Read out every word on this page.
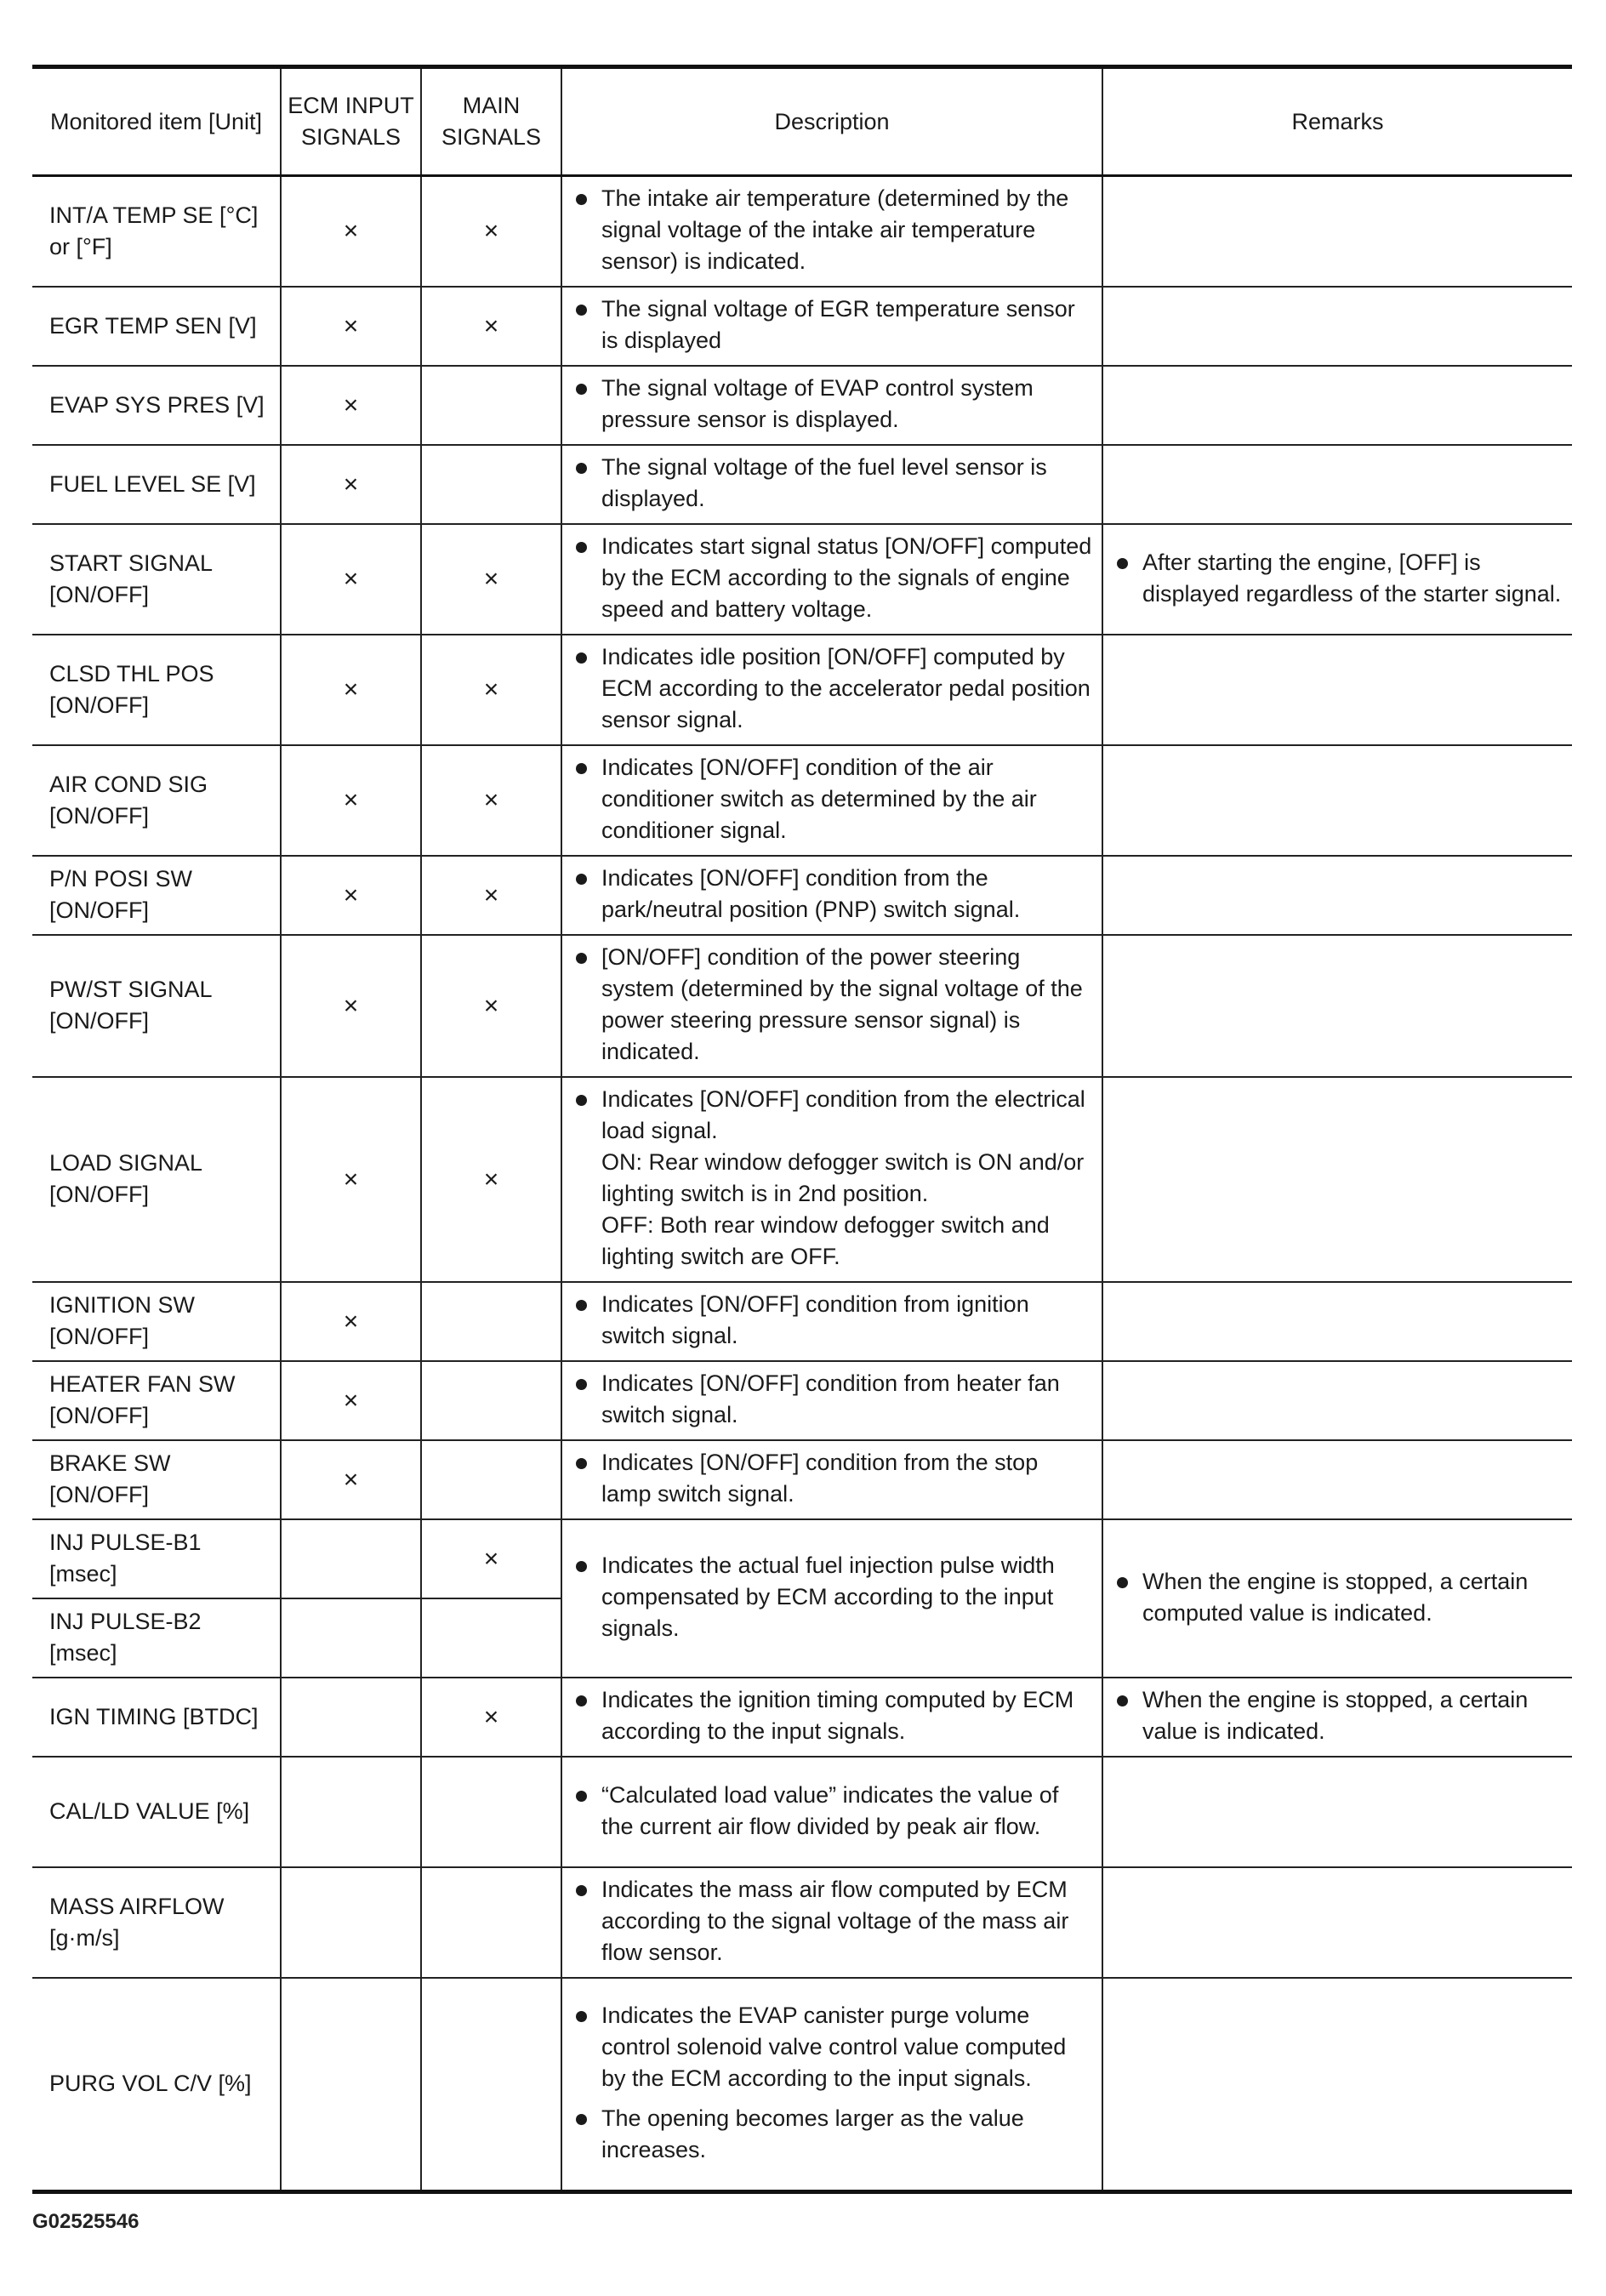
Monitored item [Unit]	ECM INPUT SIGNALS	MAIN SIGNALS	Description	Remarks
INT/A TEMP SE [°C] or [°F]	×	×	The intake air temperature (determined by the signal voltage of the intake air temperature sensor) is indicated.	

EGR TEMP SEN [V]	×	×	The signal voltage of EGR temperature sensor is displayed	

EVAP SYS PRES [V]	×		The signal voltage of EVAP control system pressure sensor is displayed.	

FUEL LEVEL SE [V]	×		The signal voltage of the fuel level sensor is displayed.	

START SIGNAL [ON/OFF]	×	×	Indicates start signal status [ON/OFF] computed by the ECM according to the signals of engine speed and battery voltage.	After starting the engine, [OFF] is displayed regardless of the starter signal.

CLSD THL POS [ON/OFF]	×	×	Indicates idle position [ON/OFF] computed by ECM according to the accelerator pedal position sensor signal.	

AIR COND SIG [ON/OFF]	×	×	Indicates [ON/OFF] condition of the air conditioner switch as determined by the air conditioner signal.	

P/N POSI SW [ON/OFF]	×	×	Indicates [ON/OFF] condition from the park/neutral position (PNP) switch signal.	

PW/ST SIGNAL [ON/OFF]	×	×	[ON/OFF] condition of the power steering system (determined by the signal voltage of the power steering pressure sensor signal) is indicated.	

LOAD SIGNAL [ON/OFF]	×	×	Indicates [ON/OFF] condition from the electrical load signal.
ON: Rear window defogger switch is ON and/or lighting switch is in 2nd position.
OFF: Both rear window defogger switch and lighting switch are OFF.	

IGNITION SW [ON/OFF]	×		Indicates [ON/OFF] condition from ignition switch signal.	

HEATER FAN SW [ON/OFF]	×		Indicates [ON/OFF] condition from heater fan switch signal.	

BRAKE SW [ON/OFF]	×		Indicates [ON/OFF] condition from the stop lamp switch signal.	

INJ PULSE-B1 [msec]		×	Indicates the actual fuel injection pulse width compensated by ECM according to the input signals.	When the engine is stopped, a certain computed value is indicated.

INJ PULSE-B2 [msec]				
IGN TIMING [BTDC]		×	Indicates the ignition timing computed by ECM according to the input signals.	When the engine is stopped, a certain value is indicated.

CAL/LD VALUE [%]			“Calculated load value” indicates the value of the current air flow divided by peak air flow.	

MASS AIRFLOW [g·m/s]			Indicates the mass air flow computed by ECM according to the signal voltage of the mass air flow sensor.	

PURG VOL C/V [%]			Indicates the EVAP canister purge volume control solenoid valve control value computed by the ECM according to the input signals.
The opening becomes larger as the value increases.	

G02525546
